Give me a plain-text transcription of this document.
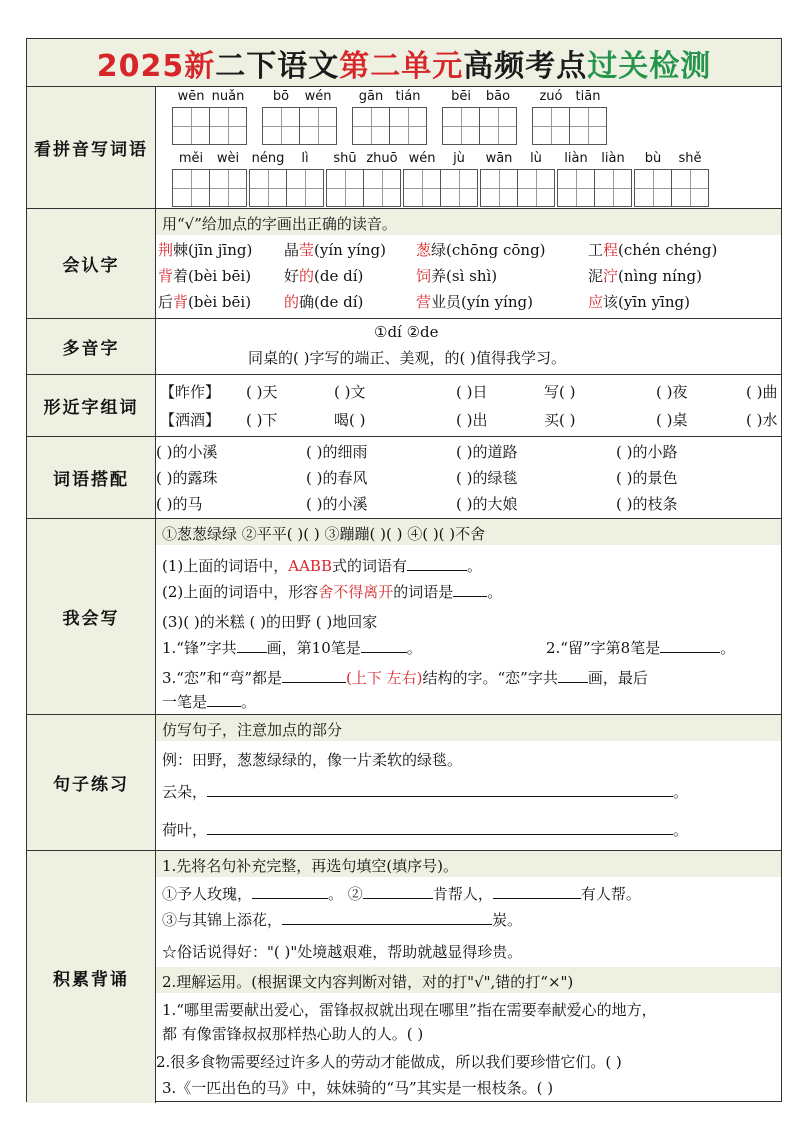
2025新二下语文第二单元高频考点过关检测
看拼音写词语
wēn nuǎn	bō	wén	gān tián	bēi	bāo	zuó	tiān
měi	wèi néng	lì	shū zhuō wén	jù	wān	lù	liàn	liàn	bù	shě
会认字
用“√”给加点的字画出正确的读音。
荆棘(jīn jīng) 晶莹(yín yíng) 葱绿(chōng cōng)	工程(chén chéng)
背着(bèi bēi) 好的(de dí)	饲养(sì shì)	泥泞(nìng níng)
后背(bèi bēi) 的确(de dí)	营业员(yín yíng)	应该(yīn yīng)
多音字
①dí ②de
同桌的( )字写的端正、美观，的( )值得我学习。
形近字组词
【昨作】 ( )天	( )文	( )日	写( )	( )夜	( )曲
【洒酒】 ( )下	喝( )	( )出	买( )	( )桌	( )水
词语搭配
( )的小溪	( )的细雨	( )的道路	( )的小路
( )的露珠	( )的春风	( )的绿毯	( )的景色
( )的马	( )的小溪	( )的大娘	( )的枝条
我会写
①葱葱绿绿 ②平平( )( ) ③蹦蹦( )( ) ④( )( )不舍
(1)上面的词语中，AABB式的词语有	。
(2)上面的词语中，形容舍不得离开的词语是 。
(3)( )的米糕 ( )的田野 ( )地回家
1.“锋”字共 画，第10笔是	。	2.“留”字第8笔是	。
3.“恋”和“弯”都是	(上下 左右)结构的字。“恋”字共 画，最后
一笔是 。
句子练习
仿写句子，注意加点的部分
例：田野，葱葱绿绿的，像一片柔软的绿毯。
云朵，	。
荷叶，	。
积累背诵
1.先将名句补充完整，再选句填空(填序号)。
①予人玫瑰，	。 ②	肯帮人，	有人帮。
③与其锦上添花，	炭。
☆俗话说得好："( )"处境越艰难，帮助就越显得珍贵。
2.理解运用。(根据课文内容判断对错，对的打"√",错的打“×")
1.“哪里需要献出爱心，雷锋叔叔就出现在哪里”指在需要奉献爱心的地方，
都 有像雷锋叔叔那样热心助人的人。( )
2.很多食物需要经过许多人的劳动才能做成，所以我们要珍惜它们。( )
3.《一匹出色的马》中，妹妹骑的“马”其实是一根枝条。( )
